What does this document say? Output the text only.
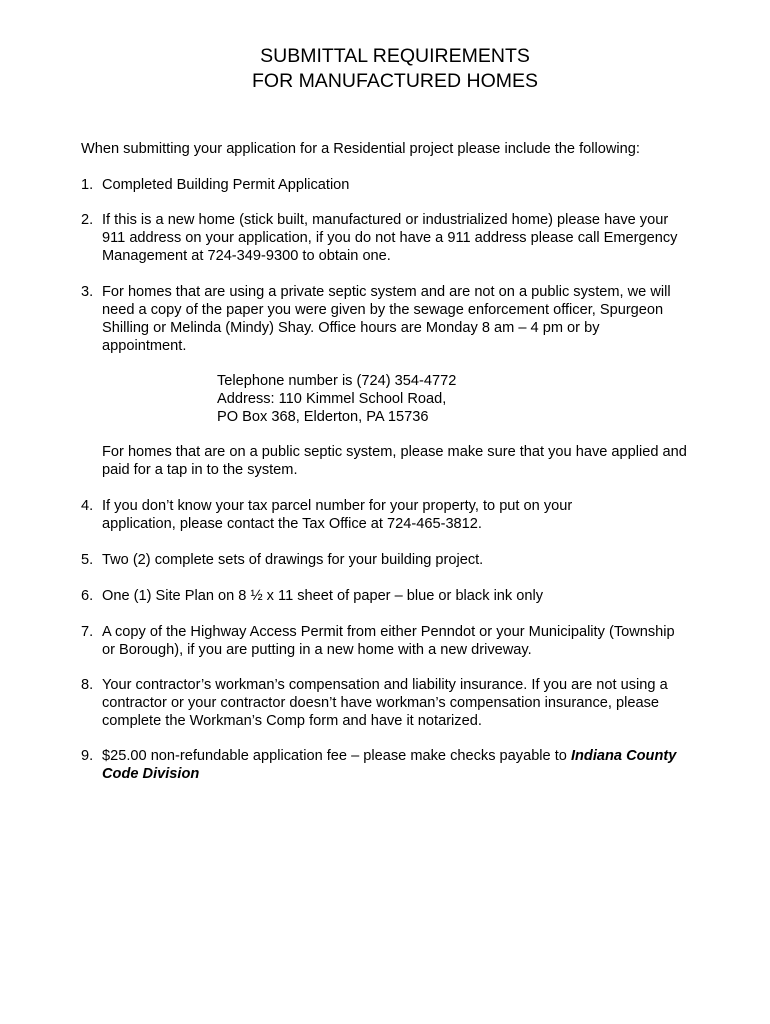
SUBMITTAL REQUIREMENTS
FOR MANUFACTURED HOMES

When submitting your application for a Residential project please include the following:

1. Completed Building Permit Application
2. If this is a new home (stick built, manufactured or industrialized home) please have your
911 address on your application, if you do not have a 911 address please call Emergency
Management at 724-349-9300 to obtain one.
3. For homes that are using a private septic system and are not on a public system, we will
need a copy of the paper you were given by the sewage enforcement officer, Spurgeon
Shilling or Melinda (Mindy) Shay. Office hours are Monday 8 am – 4 pm or by
appointment.
Telephone number is (724) 354-4772
Address: 110 Kimmel School Road,
PO Box 368, Elderton, PA 15736
For homes that are on a public septic system, please make sure that you have applied and
paid for a tap in to the system.
4. If you don’t know your tax parcel number for your property, to put on your
application, please contact the Tax Office at 724-465-3812.
5. Two (2) complete sets of drawings for your building project.
6. One (1) Site Plan on 8 ½ x 11 sheet of paper – blue or black ink only
7. A copy of the Highway Access Permit from either Penndot or your Municipality (Township
or Borough), if you are putting in a new home with a new driveway.
8. Your contractor’s workman’s compensation and liability insurance. If you are not using a
contractor or your contractor doesn’t have workman’s compensation insurance, please
complete the Workman’s Comp form and have it notarized.
9. $25.00 non-refundable application fee – please make checks payable to Indiana County
Code Division
